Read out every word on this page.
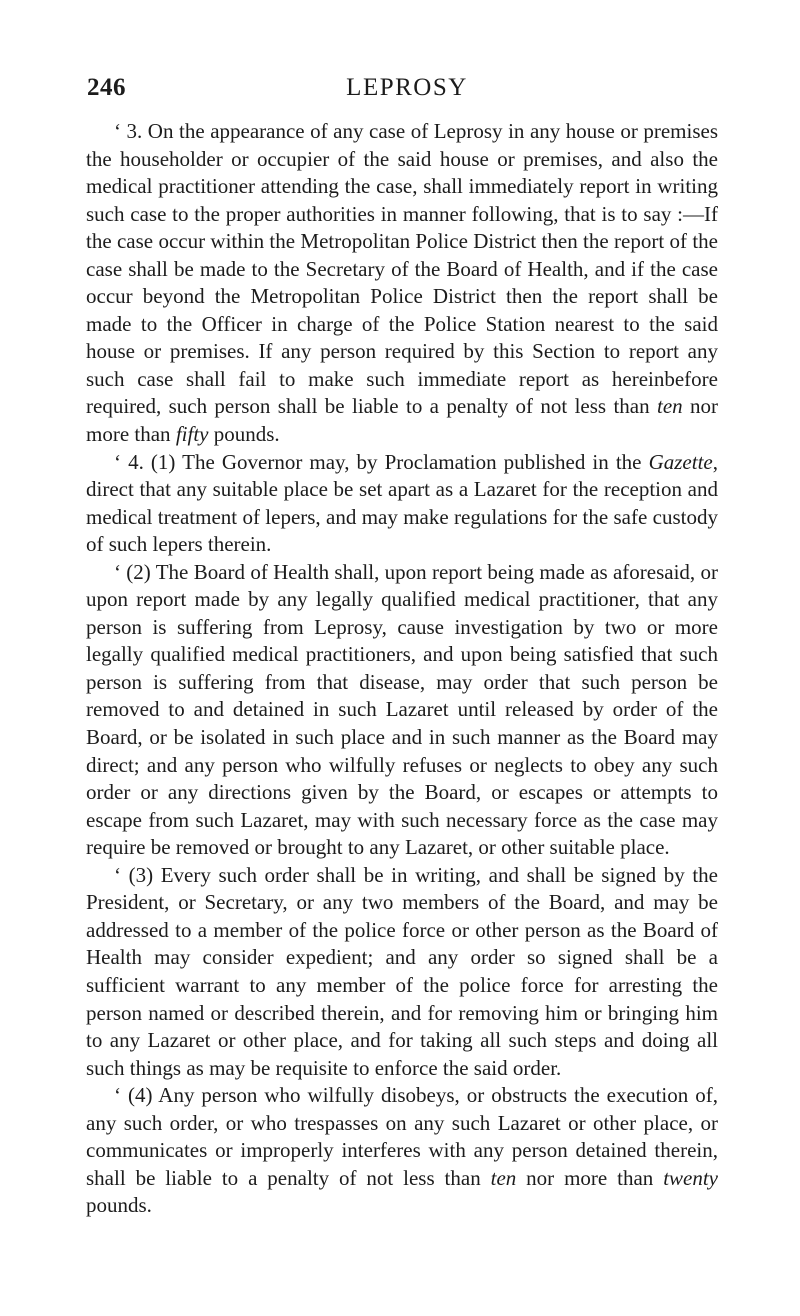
246	LEPROSY

‘ 3. On the appearance of any case of Leprosy in any house or premises the householder or occupier of the said house or premises, and also the medical practitioner attending the case, shall immediately report in writing such case to the proper authorities in manner following, that is to say :—If the case occur within the Metropolitan Police District then the report of the case shall be made to the Secretary of the Board of Health, and if the case occur beyond the Metropolitan Police District then the report shall be made to the Officer in charge of the Police Station nearest to the said house or premises. If any person required by this Section to report any such case shall fail to make such immediate report as hereinbefore required, such person shall be liable to a penalty of not less than ten nor more than fifty pounds.

‘ 4. (1) The Governor may, by Proclamation published in the Gazette, direct that any suitable place be set apart as a Lazaret for the reception and medical treatment of lepers, and may make regulations for the safe custody of such lepers therein.

‘ (2) The Board of Health shall, upon report being made as aforesaid, or upon report made by any legally qualified medical practitioner, that any person is suffering from Leprosy, cause investigation by two or more legally qualified medical practitioners, and upon being satisfied that such person is suffering from that disease, may order that such person be removed to and detained in such Lazaret until released by order of the Board, or be isolated in such place and in such manner as the Board may direct; and any person who wilfully refuses or neglects to obey any such order or any directions given by the Board, or escapes or attempts to escape from such Lazaret, may with such necessary force as the case may require be removed or brought to any Lazaret, or other suitable place.

‘ (3) Every such order shall be in writing, and shall be signed by the President, or Secretary, or any two members of the Board, and may be addressed to a member of the police force or other person as the Board of Health may consider expedient; and any order so signed shall be a sufficient warrant to any member of the police force for arresting the person named or described therein, and for removing him or bringing him to any Lazaret or other place, and for taking all such steps and doing all such things as may be requisite to enforce the said order.

‘ (4) Any person who wilfully disobeys, or obstructs the execution of, any such order, or who trespasses on any such Lazaret or other place, or communicates or improperly interferes with any person detained therein, shall be liable to a penalty of not less than ten nor more than twenty pounds.
